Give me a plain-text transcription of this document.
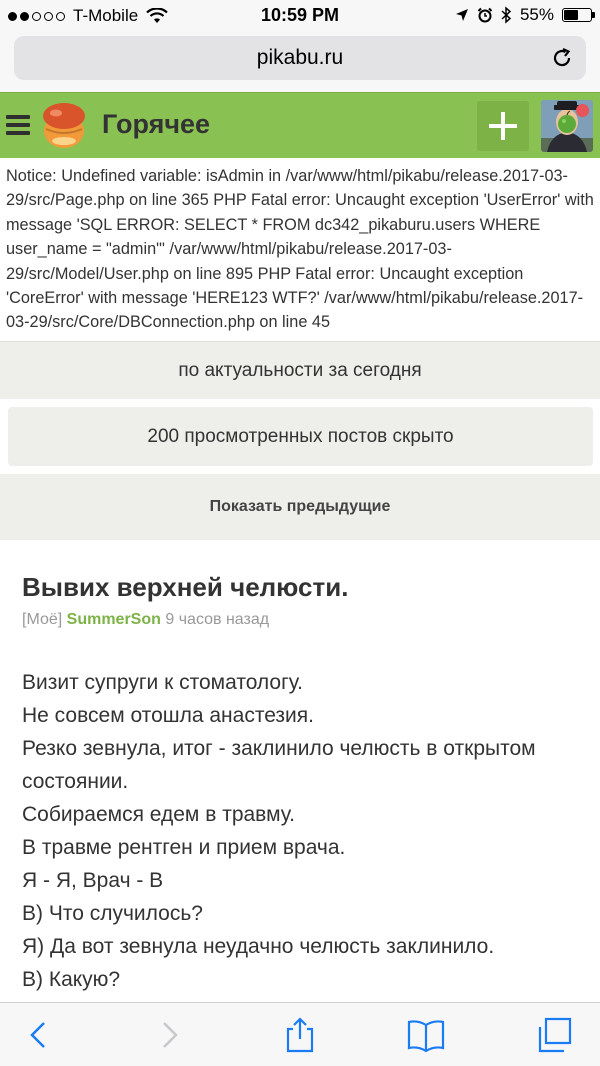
T-Mobile	10:59 PM	55%
pikabu.ru
Горячее
Notice: Undefined variable: isAdmin in /var/www/html/pikabu/release.2017-03-29/src/Page.php on line 365 PHP Fatal error: Uncaught exception 'UserError' with message 'SQL ERROR: SELECT * FROM dc342_pikaburu.users WHERE user_name = "admin"' /var/www/html/pikabu/release.2017-03-29/src/Model/User.php on line 895 PHP Fatal error: Uncaught exception 'CoreError' with message 'HERE123 WTF?' /var/www/html/pikabu/release.2017-03-29/src/Core/DBConnection.php on line 45
по актуальности за сегодня
200 просмотренных постов скрыто
Показать предыдущие
Вывих верхней челюсти.
[Моё] SummerSon 9 часов назад

Визит супруги к стоматологу.

Не совсем отошла анастезия.

Резко зевнула, итог - заклинило челюсть в открытом состоянии.

Собираемся едем в травму.

В травме рентген и прием врача.

Я - Я, Врач - В

В) Что случилось?

Я) Да вот зевнула неудачно челюсть заклинило.

В) Какую?
